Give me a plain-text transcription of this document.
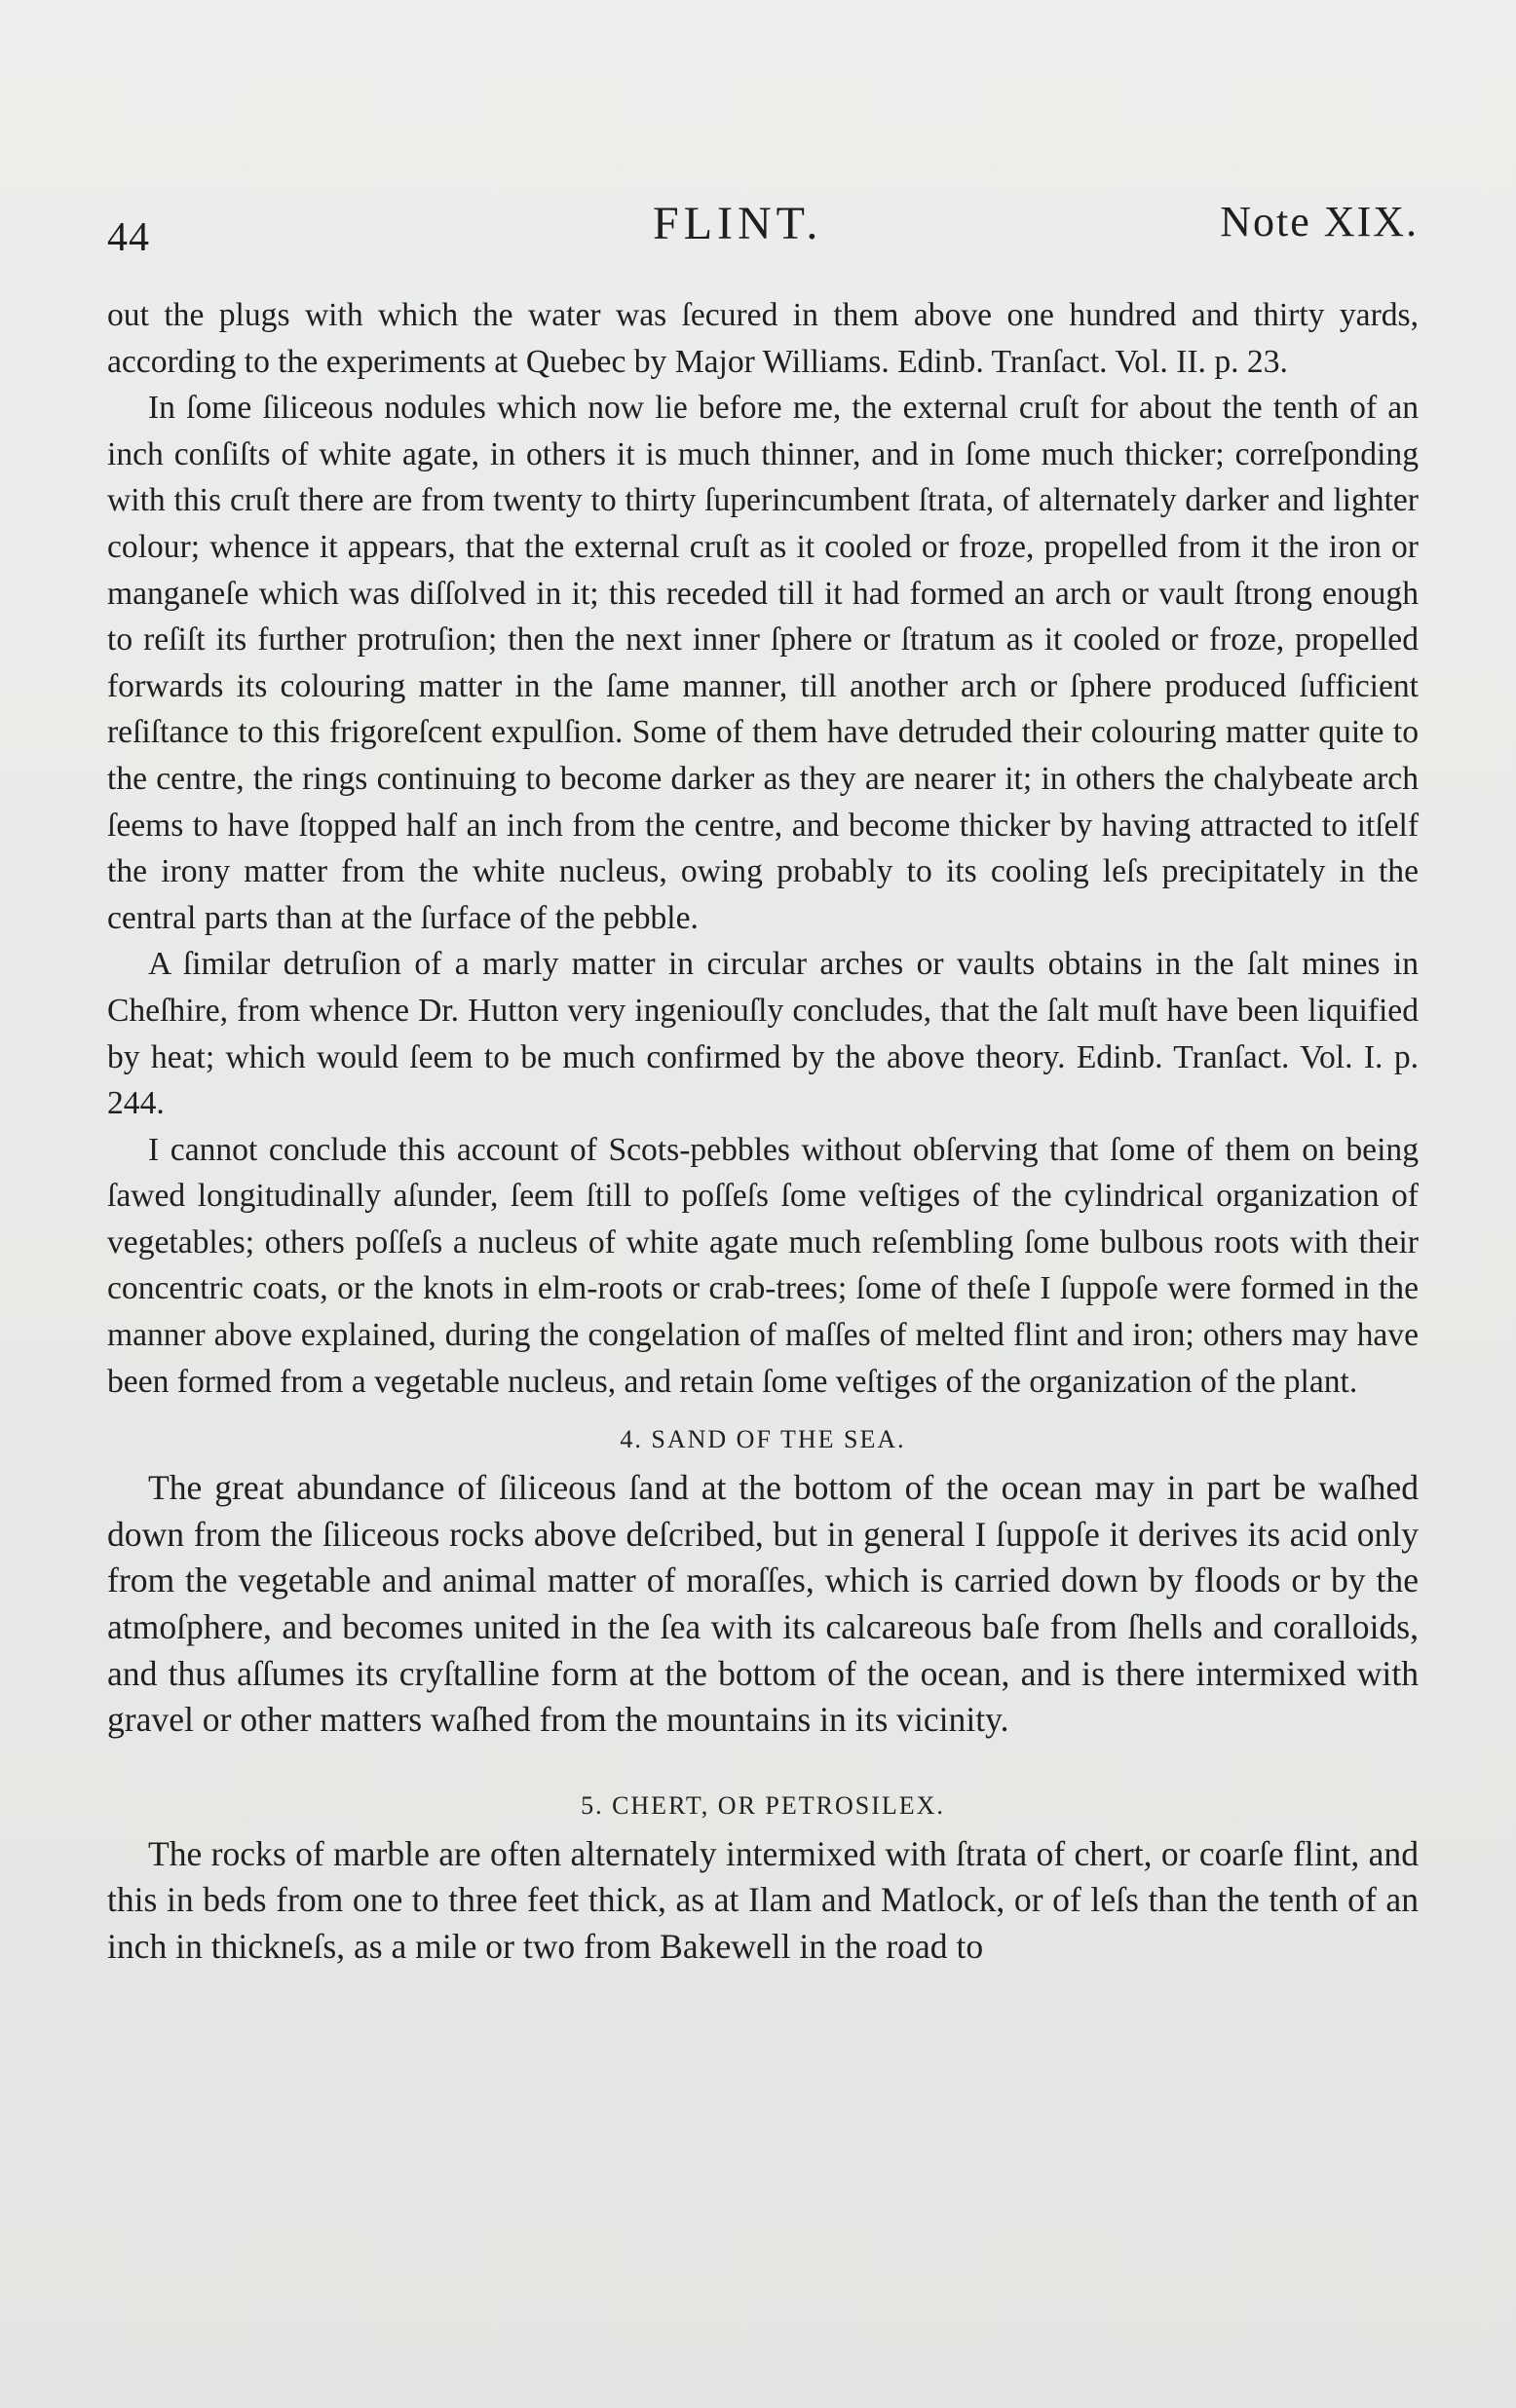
44	FLINT.	Note XIX.

out the plugs with which the water was ſecured in them above one hundred and thirty yards, according to the experiments at Quebec by Major Williams. Edinb. Tranſact. Vol. II. p. 23.

In ſome ſiliceous nodules which now lie before me, the external cruſt for about the tenth of an inch conſiſts of white agate, in others it is much thinner, and in ſome much thicker; correſponding with this cruſt there are from twenty to thirty ſuperincumbent ſtrata, of alternately darker and lighter colour; whence it appears, that the external cruſt as it cooled or froze, propelled from it the iron or manganeſe which was diſſolved in it; this receded till it had formed an arch or vault ſtrong enough to reſiſt its further protruſion; then the next inner ſphere or ſtratum as it cooled or froze, propelled forwards its colouring matter in the ſame manner, till another arch or ſphere produced ſufficient reſiſtance to this frigoreſcent expulſion. Some of them have detruded their colouring matter quite to the centre, the rings continuing to become darker as they are nearer it; in others the chalybeate arch ſeems to have ſtopped half an inch from the centre, and become thicker by having attracted to itſelf the irony matter from the white nucleus, owing probably to its cooling leſs precipitately in the central parts than at the ſurface of the pebble.

A ſimilar detruſion of a marly matter in circular arches or vaults obtains in the ſalt mines in Cheſhire, from whence Dr. Hutton very ingeniouſly concludes, that the ſalt muſt have been liquified by heat; which would ſeem to be much confirmed by the above theory. Edinb. Tranſact. Vol. I. p. 244.

I cannot conclude this account of Scots-pebbles without obſerving that ſome of them on being ſawed longitudinally aſunder, ſeem ſtill to poſſeſs ſome veſtiges of the cylindrical organization of vegetables; others poſſeſs a nucleus of white agate much reſembling ſome bulbous roots with their concentric coats, or the knots in elm-roots or crab-trees; ſome of theſe I ſuppoſe were formed in the manner above explained, during the congelation of maſſes of melted flint and iron; others may have been formed from a vegetable nucleus, and retain ſome veſtiges of the organization of the plant.

4. SAND OF THE SEA.

The great abundance of ſiliceous ſand at the bottom of the ocean may in part be waſhed down from the ſiliceous rocks above deſcribed, but in general I ſuppoſe it derives its acid only from the vegetable and animal matter of moraſſes, which is carried down by floods or by the atmoſphere, and becomes united in the ſea with its calcareous baſe from ſhells and coralloids, and thus aſſumes its cryſtalline form at the bottom of the ocean, and is there intermixed with gravel or other matters waſhed from the mountains in its vicinity.

5. CHERT, OR PETROSILEX.

The rocks of marble are often alternately intermixed with ſtrata of chert, or coarſe flint, and this in beds from one to three feet thick, as at Ilam and Matlock, or of leſs than the tenth of an inch in thickneſs, as a mile or two from Bakewell in the road to
